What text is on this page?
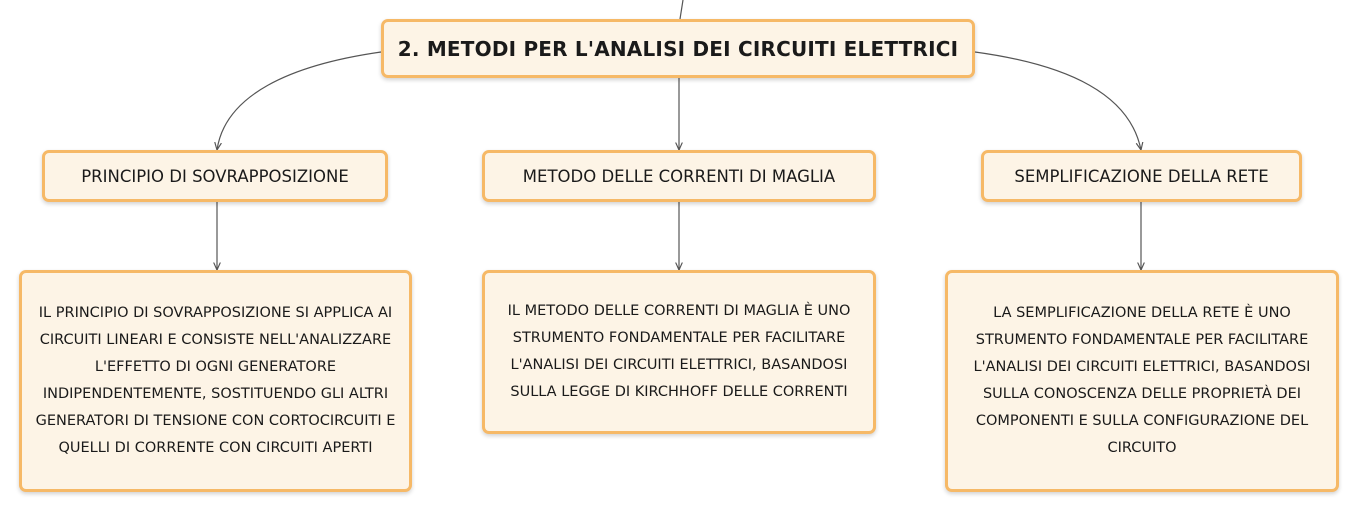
2. METODI PER L'ANALISI DEI CIRCUITI ELETTRICI
PRINCIPIO DI SOVRAPPOSIZIONE	METODO DELLE CORRENTI DI MAGLIA	SEMPLIFICAZIONE DELLA RETE
IL PRINCIPIO DI SOVRAPPOSIZIONE SI APPLICA AI CIRCUITI LINEARI E CONSISTE NELL'ANALIZZARE L'EFFETTO DI OGNI GENERATORE INDIPENDENTEMENTE, SOSTITUENDO GLI ALTRI GENERATORI DI TENSIONE CON CORTOCIRCUITI E QUELLI DI CORRENTE CON CIRCUITI APERTI
IL METODO DELLE CORRENTI DI MAGLIA È UNO STRUMENTO FONDAMENTALE PER FACILITARE L'ANALISI DEI CIRCUITI ELETTRICI, BASANDOSI SULLA LEGGE DI KIRCHHOFF DELLE CORRENTI
LA SEMPLIFICAZIONE DELLA RETE È UNO STRUMENTO FONDAMENTALE PER FACILITARE L'ANALISI DEI CIRCUITI ELETTRICI, BASANDOSI SULLA CONOSCENZA DELLE PROPRIETÀ DEI COMPONENTI E SULLA CONFIGURAZIONE DEL CIRCUITO
